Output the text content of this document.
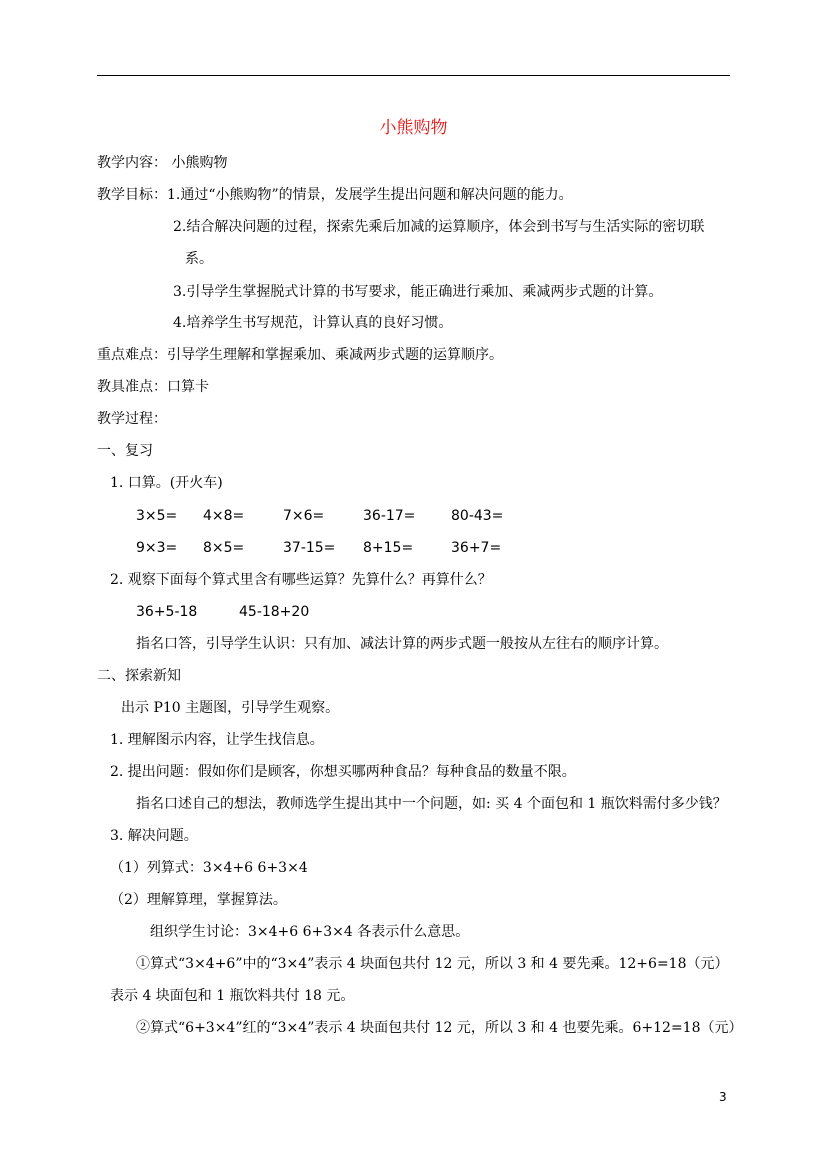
小熊购物
教学内容： 小熊购物
教学目标：1.通过“小熊购物”的情景，发展学生提出问题和解决问题的能力。
2.结合解决问题的过程，探索先乘后加减的运算顺序，体会到书写与生活实际的密切联
系。
3.引导学生掌握脱式计算的书写要求，能正确进行乘加、乘减两步式题的计算。
4.培养学生书写规范，计算认真的良好习惯。
重点难点：引导学生理解和掌握乘加、乘减两步式题的运算顺序。
教具准点：口算卡
教学过程：
一、复习
1. 口算。(开火车)
3×5= 4×8=	7×6=	36-17=	80-43=
9×3= 8×5=	37-15= 8+15=	36+7=
2. 观察下面每个算式里含有哪些运算？先算什么？再算什么？
36+5-18	45-18+20
指名口答，引导学生认识：只有加、减法计算的两步式题一般按从左往右的顺序计算。
二、探索新知
出示 P10 主题图，引导学生观察。
1. 理解图示内容，让学生找信息。
2. 提出问题：假如你们是顾客，你想买哪两种食品？每种食品的数量不限。
指名口述自己的想法，教师选学生提出其中一个问题，如: 买 4 个面包和 1 瓶饮料需付多少钱？
3. 解决问题。
（1）列算式：3×4+6 6+3×4
（2）理解算理，掌握算法。
组织学生讨论：3×4+6 6+3×4 各表示什么意思。
①算式“3×4+6”中的“3×4”表示 4 块面包共付 12 元，所以 3 和 4 要先乘。12+6=18（元）
表示 4 块面包和 1 瓶饮料共付 18 元。
②算式“6+3×4”红的“3×4”表示 4 块面包共付 12 元，所以 3 和 4 也要先乘。6+12=18（元）
3
